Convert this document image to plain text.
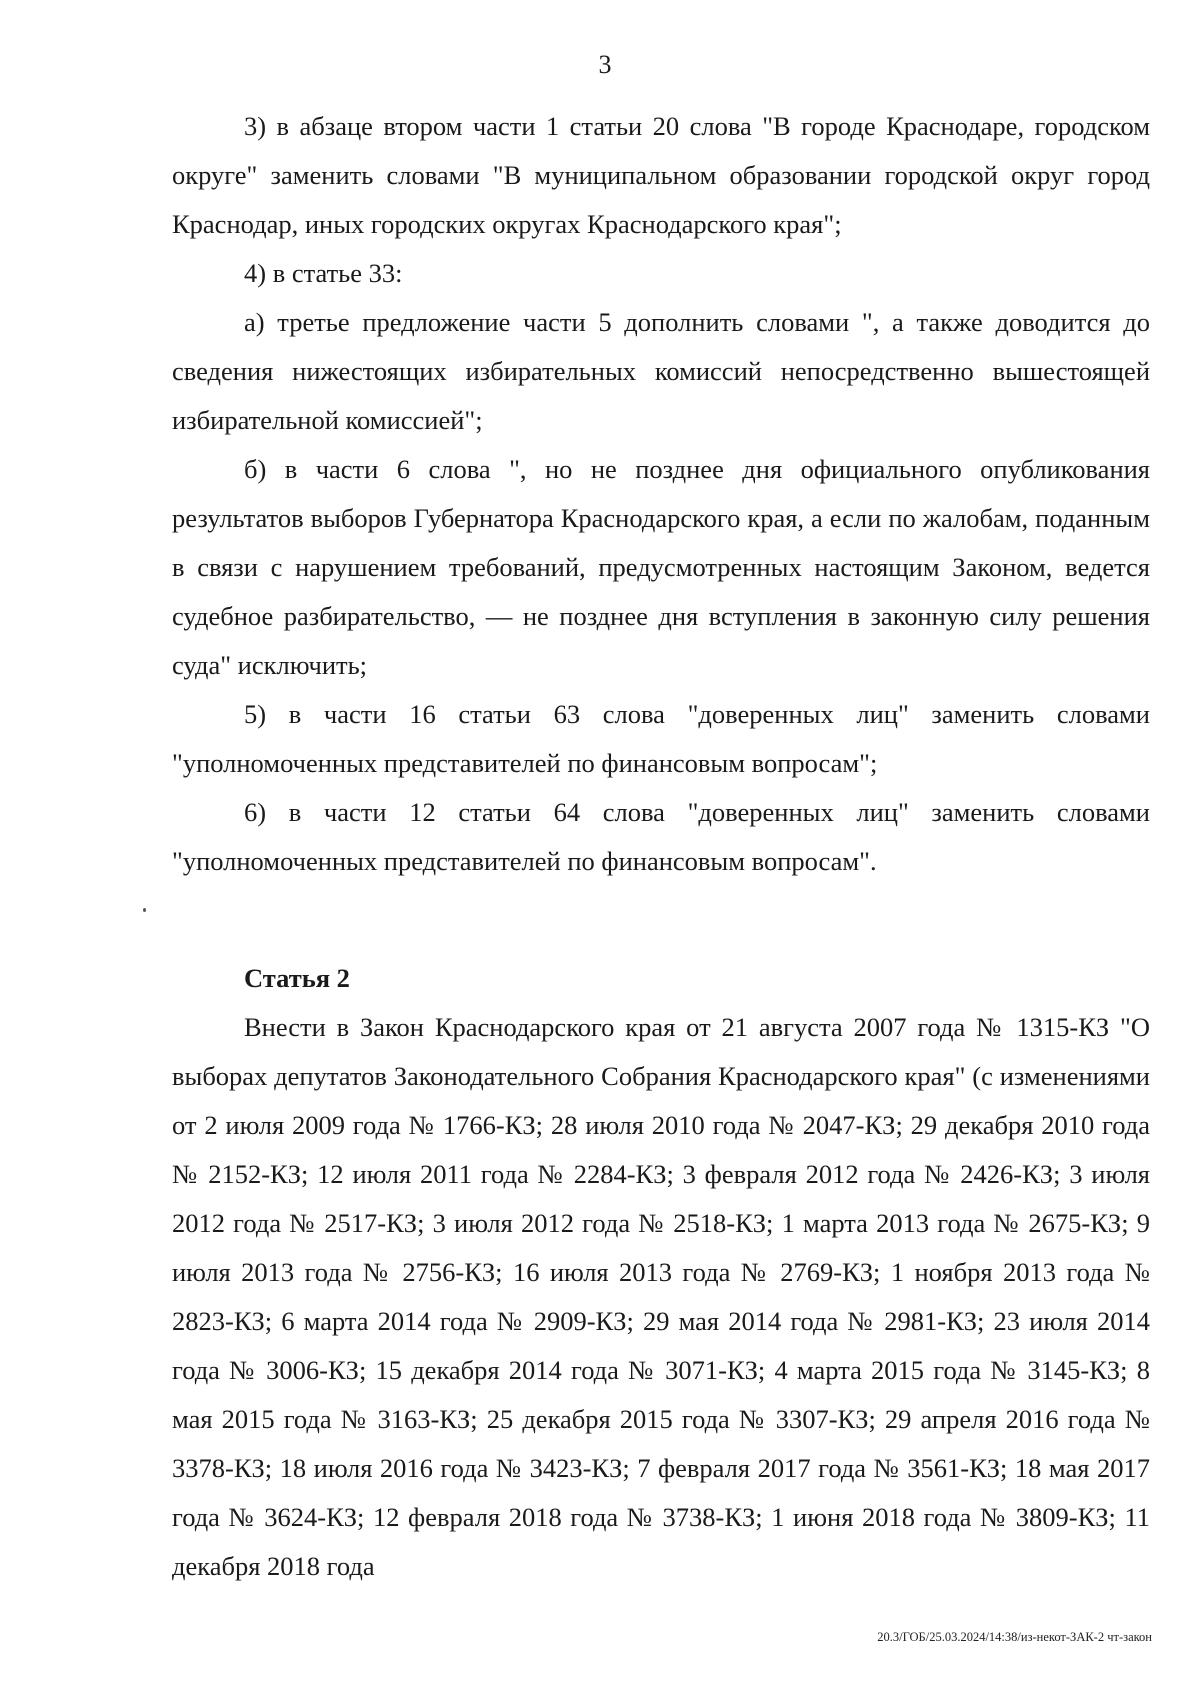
3

3) в абзаце втором части 1 статьи 20 слова "В городе Краснодаре, городском округе" заменить словами "В муниципальном образовании городской округ город Краснодар, иных городских округах Краснодарского края";

4) в статье 33:

а) третье предложение части 5 дополнить словами ", а также доводится до сведения нижестоящих избирательных комиссий непосредственно вышестоящей избирательной комиссией";

б) в части 6 слова ", но не позднее дня официального опубликования результатов выборов Губернатора Краснодарского края, а если по жалобам, поданным в связи с нарушением требований, предусмотренных настоящим Законом, ведется судебное разбирательство, — не позднее дня вступления в законную силу решения суда" исключить;

5) в части 16 статьи 63 слова "доверенных лиц" заменить словами "уполномоченных представителей по финансовым вопросам";

6) в части 12 статьи 64 слова "доверенных лиц" заменить словами "уполномоченных представителей по финансовым вопросам".

Статья 2

Внести в Закон Краснодарского края от 21 августа 2007 года № 1315-КЗ "О выборах депутатов Законодательного Собрания Краснодарского края" (с изменениями от 2 июля 2009 года № 1766-КЗ; 28 июля 2010 года № 2047-КЗ; 29 декабря 2010 года № 2152-КЗ; 12 июля 2011 года № 2284-КЗ; 3 февраля 2012 года № 2426-КЗ; 3 июля 2012 года № 2517-КЗ; 3 июля 2012 года № 2518-КЗ; 1 марта 2013 года № 2675-КЗ; 9 июля 2013 года № 2756-КЗ; 16 июля 2013 года № 2769-КЗ; 1 ноября 2013 года № 2823-КЗ; 6 марта 2014 года № 2909-КЗ; 29 мая 2014 года № 2981-КЗ; 23 июля 2014 года № 3006-КЗ; 15 декабря 2014 года № 3071-КЗ; 4 марта 2015 года № 3145-КЗ; 8 мая 2015 года № 3163-КЗ; 25 декабря 2015 года № 3307-КЗ; 29 апреля 2016 года № 3378-КЗ; 18 июля 2016 года № 3423-КЗ; 7 февраля 2017 года № 3561-КЗ; 18 мая 2017 года № 3624-КЗ; 12 февраля 2018 года № 3738-КЗ; 1 июня 2018 года № 3809-КЗ; 11 декабря 2018 года

20.3/ГОБ/25.03.2024/14:38/из-некот-ЗАК-2 чт-закон
